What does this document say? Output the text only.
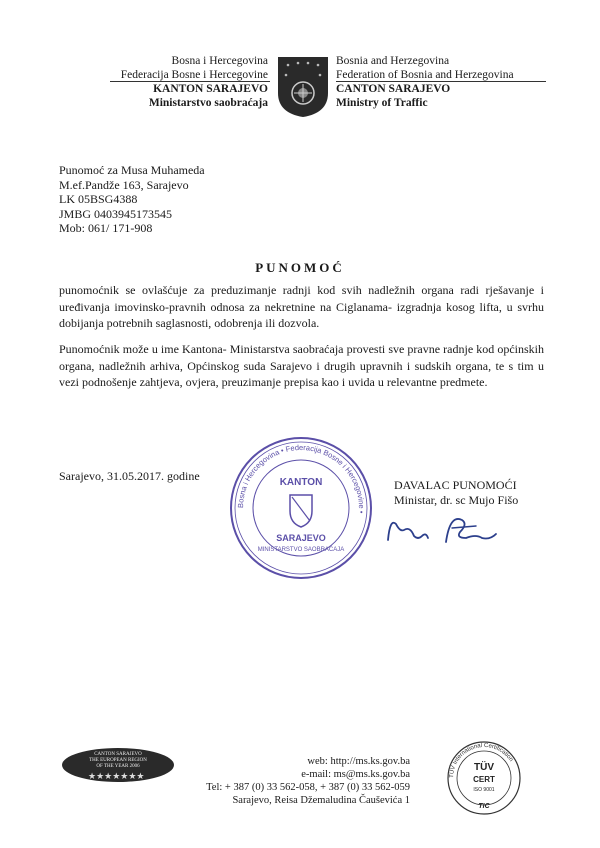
Bosna i Hercegovina
Federacija Bosne i Hercegovine
KANTON SARAJEVO
Ministarstvo saobraćaja
Bosnia and Herzegovina
Federation of Bosnia and Herzegovina
CANTON SARAJEVO
Ministry of Traffic
Punomoć za Musa Muhameda
M.ef.Pandže 163, Sarajevo
LK 05BSG4388
JMBG 0403945173545
Mob: 061/ 171-908
PUNOMOĆ
punomoćnik se ovlašćuje za preduzimanje radnji kod svih nadležnih organa radi rješavanje i uređivanja imovinsko-pravnih odnosa za nekretnine na Ciglanama- izgradnja kosog lifta, u svrhu dobijanja potrebnih saglasnosti, odobrenja ili dozvola.
Punomoćnik može u ime Kantona- Ministarstva saobraćaja provesti sve pravne radnje kod općinskih organa, nadležnih arhiva, Općinskog suda Sarajevo i drugih upravnih i sudskih organa, te s tim u vezi podnošenje zahtjeva, ovjera, preuzimanje prepisa kao i uvida u relevantne predmete.
Sarajevo, 31.05.2017. godine
Bosna i Hercegovina • Federacija Bosne i Hercegovine •
KANTON
SARAJEVO
MINISTARSTVO SAOBRAĆAJA
DAVALAC PUNOMOĆI
Ministar, dr. sc Mujo Fišo
★★★★★★★
CANTON SARAJEVO
THE EUROPEAN REGION
OF THE YEAR 2006	web: http://ms.ks.gov.ba
e-mail: ms@ms.ks.gov.ba
Tel: + 387 (0) 33 562-058, + 387 (0) 33 562-059
Sarajevo, Reisa Džemaludina Čauševića 1
TÜV International Certification
TÜV
CERT
ISO 9001
TIC
